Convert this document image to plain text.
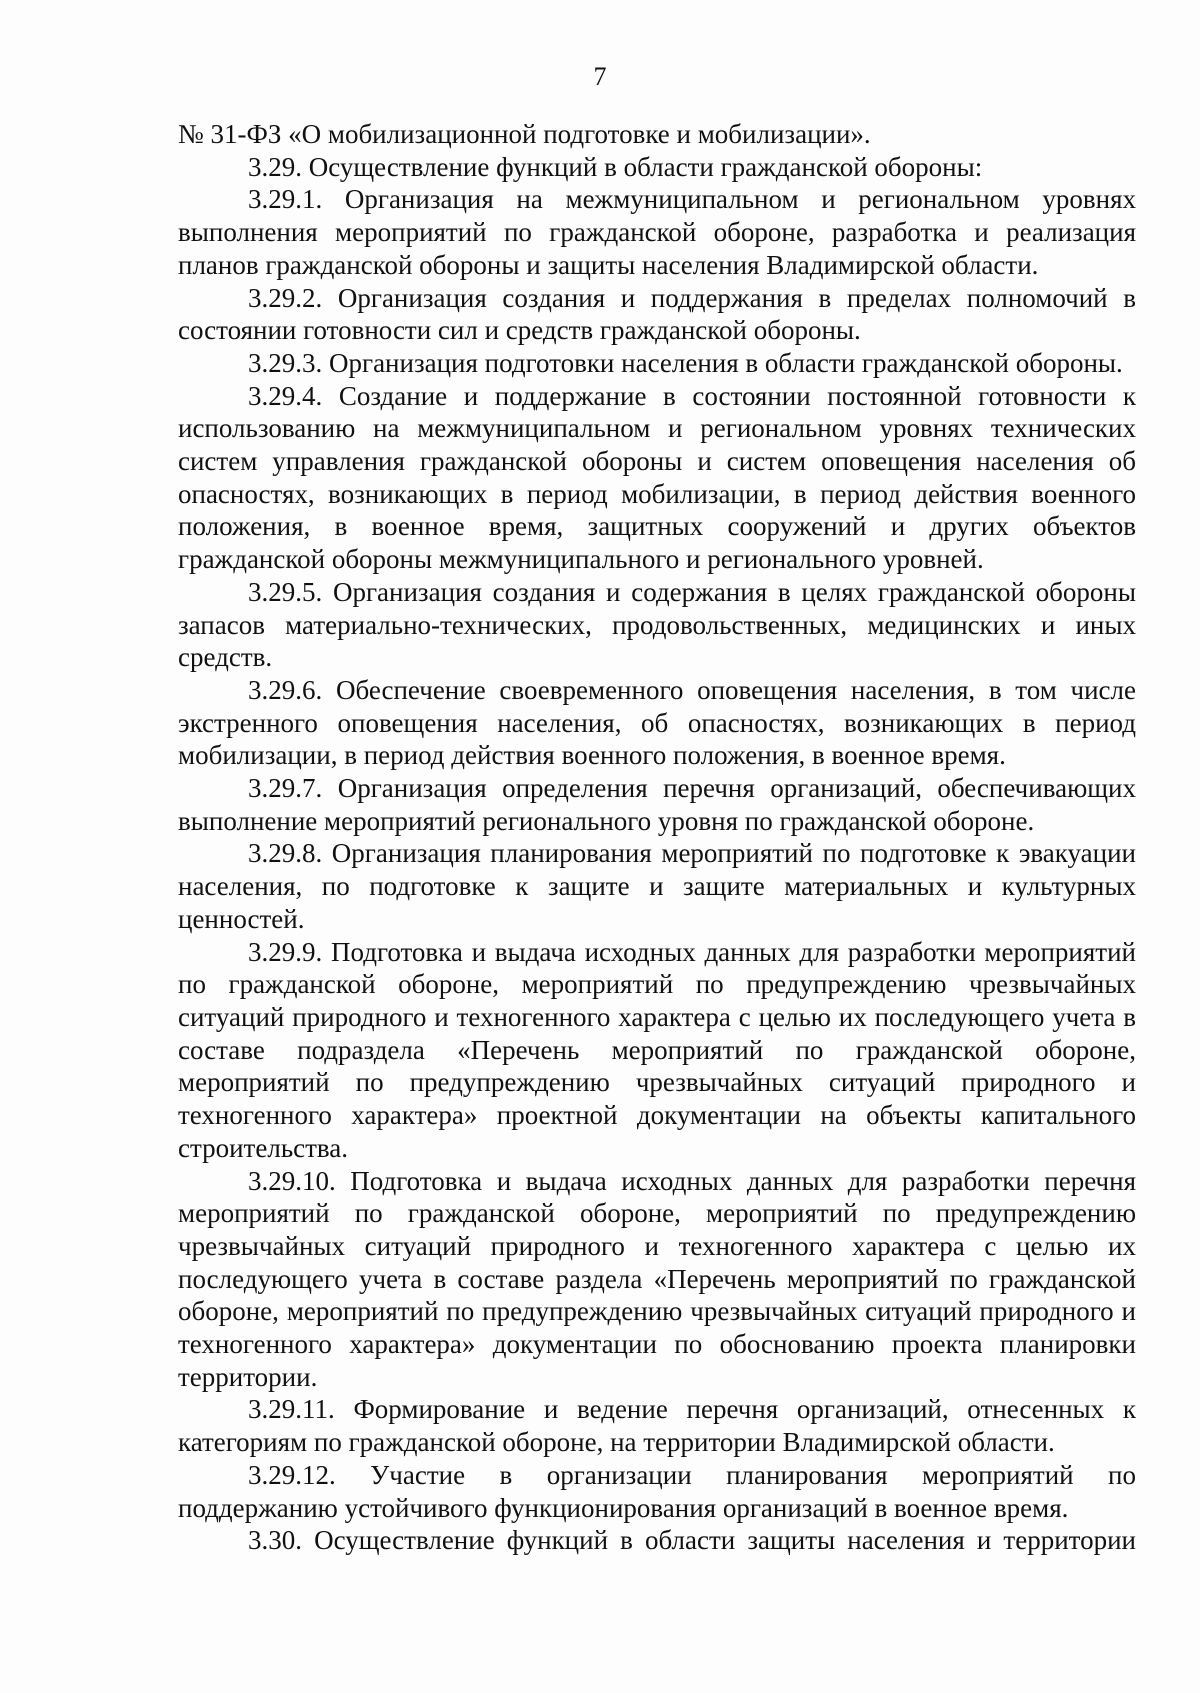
7

№ 31-ФЗ «О мобилизационной подготовке и мобилизации».

3.29. Осуществление функций в области гражданской обороны:

3.29.1. Организация на межмуниципальном и региональном уровнях выполнения мероприятий по гражданской обороне, разработка и реализация планов гражданской обороны и защиты населения Владимирской области.

3.29.2. Организация создания и поддержания в пределах полномочий в состоянии готовности сил и средств гражданской обороны.

3.29.3. Организация подготовки населения в области гражданской обороны.

3.29.4. Создание и поддержание в состоянии постоянной готовности к использованию на межмуниципальном и региональном уровнях технических систем управления гражданской обороны и систем оповещения населения об опасностях, возникающих в период мобилизации, в период действия военного положения, в военное время, защитных сооружений и других объектов гражданской обороны межмуниципального и регионального уровней.

3.29.5. Организация создания и содержания в целях гражданской обороны запасов материально-технических, продовольственных, медицинских и иных средств.

3.29.6. Обеспечение своевременного оповещения населения, в том числе экстренного оповещения населения, об опасностях, возникающих в период мобилизации, в период действия военного положения, в военное время.

3.29.7. Организация определения перечня организаций, обеспечивающих выполнение мероприятий регионального уровня по гражданской обороне.

3.29.8. Организация планирования мероприятий по подготовке к эвакуации населения, по подготовке к защите и защите материальных и культурных ценностей.

3.29.9. Подготовка и выдача исходных данных для разработки мероприятий по гражданской обороне, мероприятий по предупреждению чрезвычайных ситуаций природного и техногенного характера с целью их последующего учета в составе подраздела «Перечень мероприятий по гражданской обороне, мероприятий по предупреждению чрезвычайных ситуаций природного и техногенного характера» проектной документации на объекты капитального строительства.

3.29.10. Подготовка и выдача исходных данных для разработки перечня мероприятий по гражданской обороне, мероприятий по предупреждению чрезвычайных ситуаций природного и техногенного характера с целью их последующего учета в составе раздела «Перечень мероприятий по гражданской обороне, мероприятий по предупреждению чрезвычайных ситуаций природного и техногенного характера» документации по обоснованию проекта планировки территории.

3.29.11. Формирование и ведение перечня организаций, отнесенных к категориям по гражданской обороне, на территории Владимирской области.

3.29.12. Участие в организации планирования мероприятий по поддержанию устойчивого функционирования организаций в военное время.

3.30. Осуществление функций в области защиты населения и территории
